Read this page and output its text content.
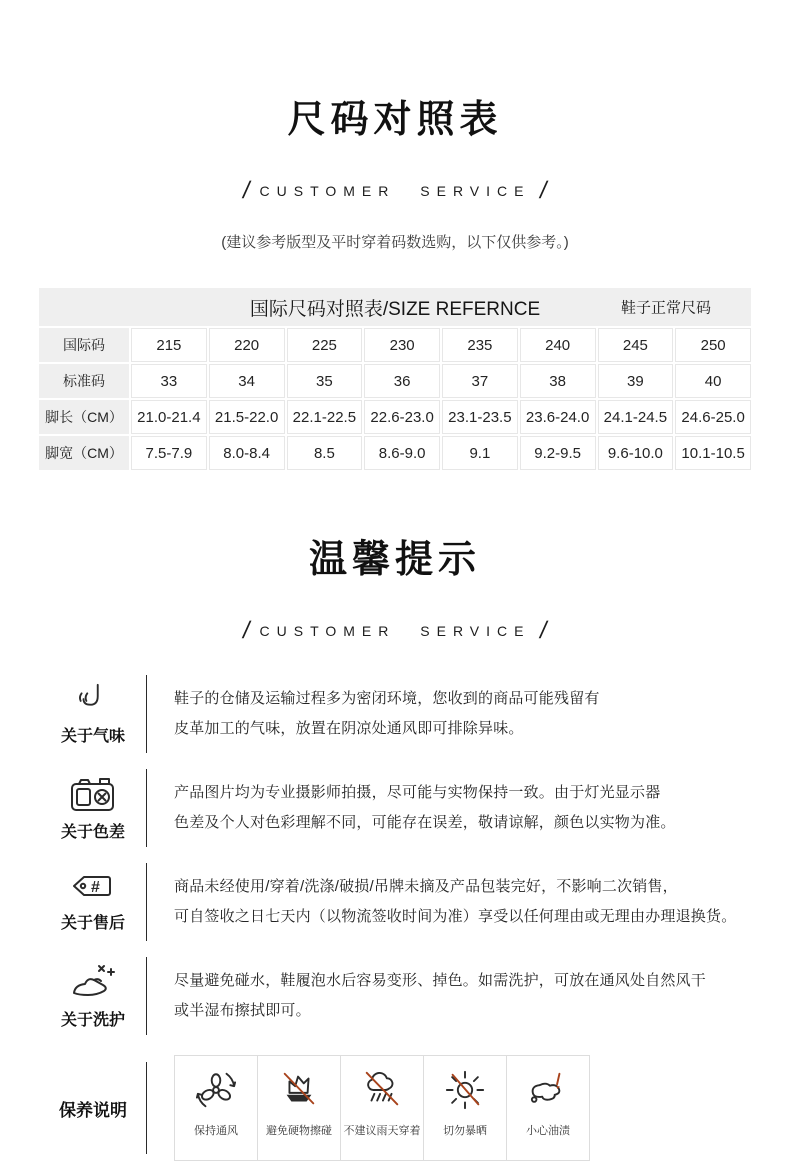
尺码对照表
/ CUSTOMER SERVICE /
(建议参考版型及平时穿着码数选购，以下仅供参考。)
国际尺码对照表/SIZE REFERNCE 鞋子正常尺码								

国际码	215	220	225	230	235	240	245	250
标准码	33	34	35	36	37	38	39	40
脚长（CM）	21.0-21.4	21.5-22.0	22.1-22.5	22.6-23.0	23.1-23.5	23.6-24.0	24.1-24.5	24.6-25.0
脚宽（CM）	7.5-7.9	8.0-8.4	8.5	8.6-9.0	9.1	9.2-9.5	9.6-10.0	10.1-10.5
温馨提示
/ CUSTOMER SERVICE /
关于气味
鞋子的仓储及运输过程多为密闭环境，您收到的商品可能残留有
皮革加工的气味，放置在阴凉处通风即可排除异味。
关于色差
产品图片均为专业摄影师拍摄，尽可能与实物保持一致。由于灯光显示器
色差及个人对色彩理解不同，可能存在误差，敬请谅解，颜色以实物为准。
#
关于售后
商品未经使用/穿着/洗涤/破损/吊牌未摘及产品包装完好，不影响二次销售，
可自签收之日七天内（以物流签收时间为准）享受以任何理由或无理由办理退换货。
关于洗护
尽量避免碰水，鞋履泡水后容易变形、掉色。如需洗护，可放在通风处自然风干
或半湿布擦拭即可。
保养说明
保持通风	避免硬物擦碰 不建议雨天穿着 切勿暴晒	小心油渍
